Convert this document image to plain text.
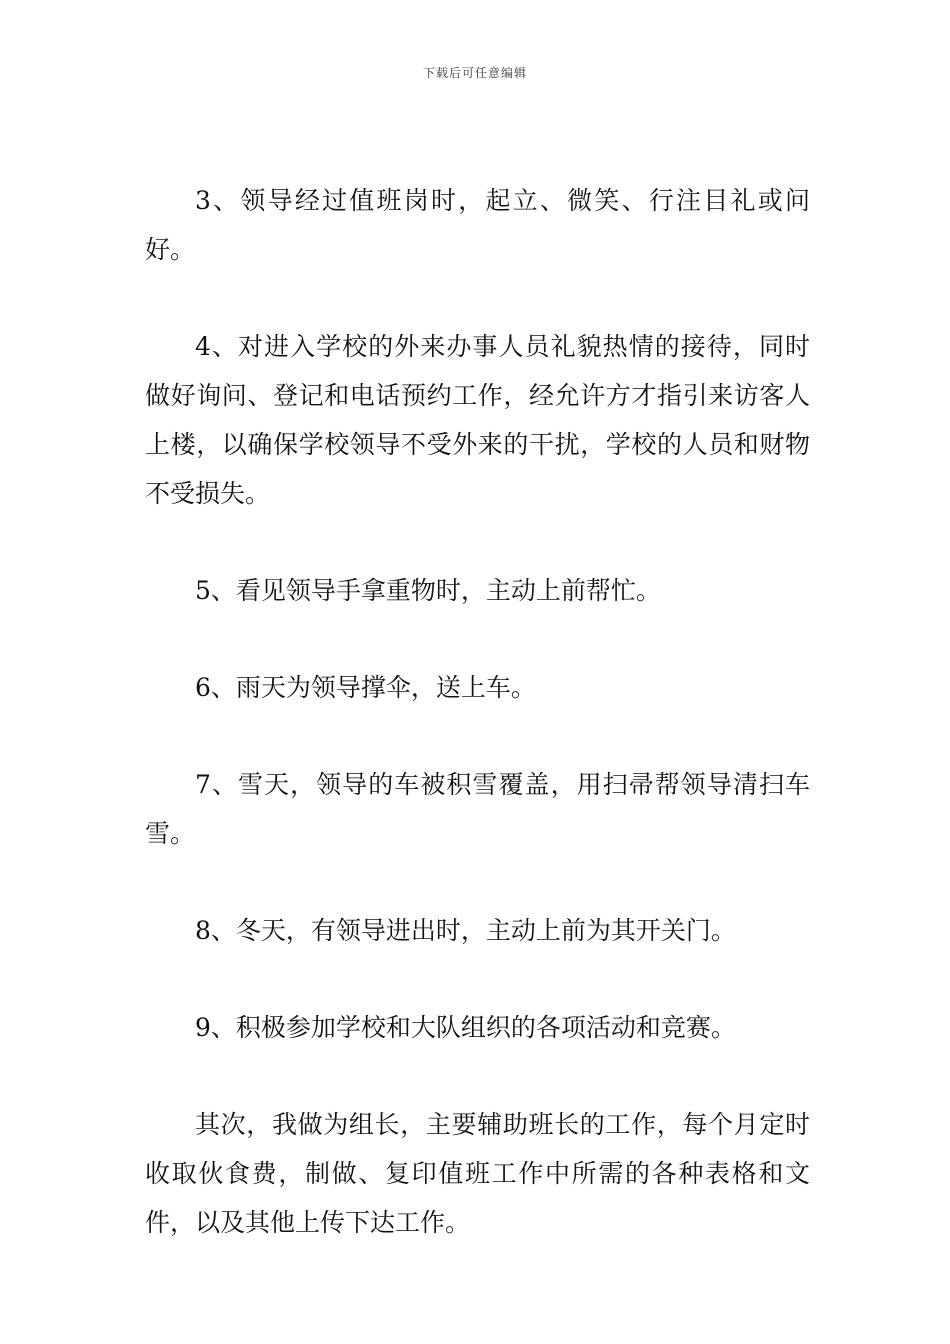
下载后可任意编辑

3、领导经过值班岗时，起立、微笑、行注目礼或问好。

4、对进入学校的外来办事人员礼貌热情的接待，同时做好询问、登记和电话预约工作，经允许方才指引来访客人上楼，以确保学校领导不受外来的干扰，学校的人员和财物不受损失。

5、看见领导手拿重物时，主动上前帮忙。

6、雨天为领导撑伞，送上车。

7、雪天，领导的车被积雪覆盖，用扫帚帮领导清扫车雪。

8、冬天，有领导进出时，主动上前为其开关门。

9、积极参加学校和大队组织的各项活动和竞赛。

其次，我做为组长，主要辅助班长的工作，每个月定时收取伙食费，制做、复印值班工作中所需的各种表格和文件，以及其他上传下达工作。
